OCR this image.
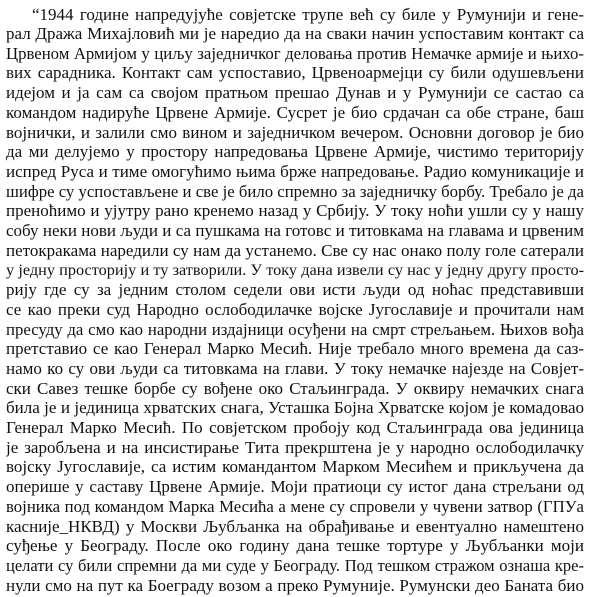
“1944 године напредујуће совјетске трупе већ су биле у Румунији и гене-
рал Дража Михајловић ми је наредио да на сваки начин успоставим контакт са
Црвеном Армијом у циљу заједничког деловања против Немачке армије и њихо-
вих сарадника. Контакт сам успоставио, Црвеноармејци су били одушевљени
идејом и ја сам са својом пратњом прешао Дунав и у Румунији се састао са
командом надируће Црвене Армије. Сусрет је био срдачан са обе стране, баш
војнички, и залили смо вином и заједничком вечером. Основни договор је био
да ми делујемо у простору напредовања Црвене Армије, чистимо територију
испред Руса и тиме омогућимо њима брже напредовање. Радио комуникације и
шифре су успостављене и све је било спремно за заједничку борбу. Требало је да
преноћимо и ујутру рано кренемо назад у Србију. У току ноћи ушли су у нашу
собу неки нови људи и са пушкама на готовс и титовкама на главама и црвеним
петокракама наредили су нам да устанемо. Све су нас онако полу голе сатерали
у једну просторију и ту затворили. У току дана извели су нас у једну другу просто-
рију где су за једним столом седели ови исти људи од ноћас представивши
се као преки суд Народно ослободилачке војске Југославије и прочитали нам
пресуду да смо као народни издајници осуђени на смрт стрељањем. Њихов вођа
претставио се као Генерал Марко Месић. Није требало много времена да саз-
намо ко су ови људи са титовкама на глави. У току немачке најезде на Совјет-
ски Савез тешке борбе су вођене око Стаљинграда. У оквиру немачких снага
била је и јединица хрватских снага, Усташка Бојна Хрватске којом је комадовао
Генерал Марко Месић. По совјетском пробоју код Стаљинграда ова јединица
је заробљена и на инсистирање Тита прекрштена је у народно ослободилачку
војску Југославије, са истим командантом Марком Месићем и прикључена да
оперише у саставу Црвене Армије. Моји пратиоци су истог дана стрељани од
војника под командом Марка Месића а мене су спровели у чувени затвор (ГПУа
касније_НКВД) у Москви Љубљанка на обрађивање и евентуално намештено
суђење у Београду. После око годину дана тешке тортуре у Љубљанки моји
целати су били спремни да ми суде у Београду. Под тешком стражом ознаша кре-
нули смо на пут ка Боеграду возом а преко Румуније. Румунски део Баната био
